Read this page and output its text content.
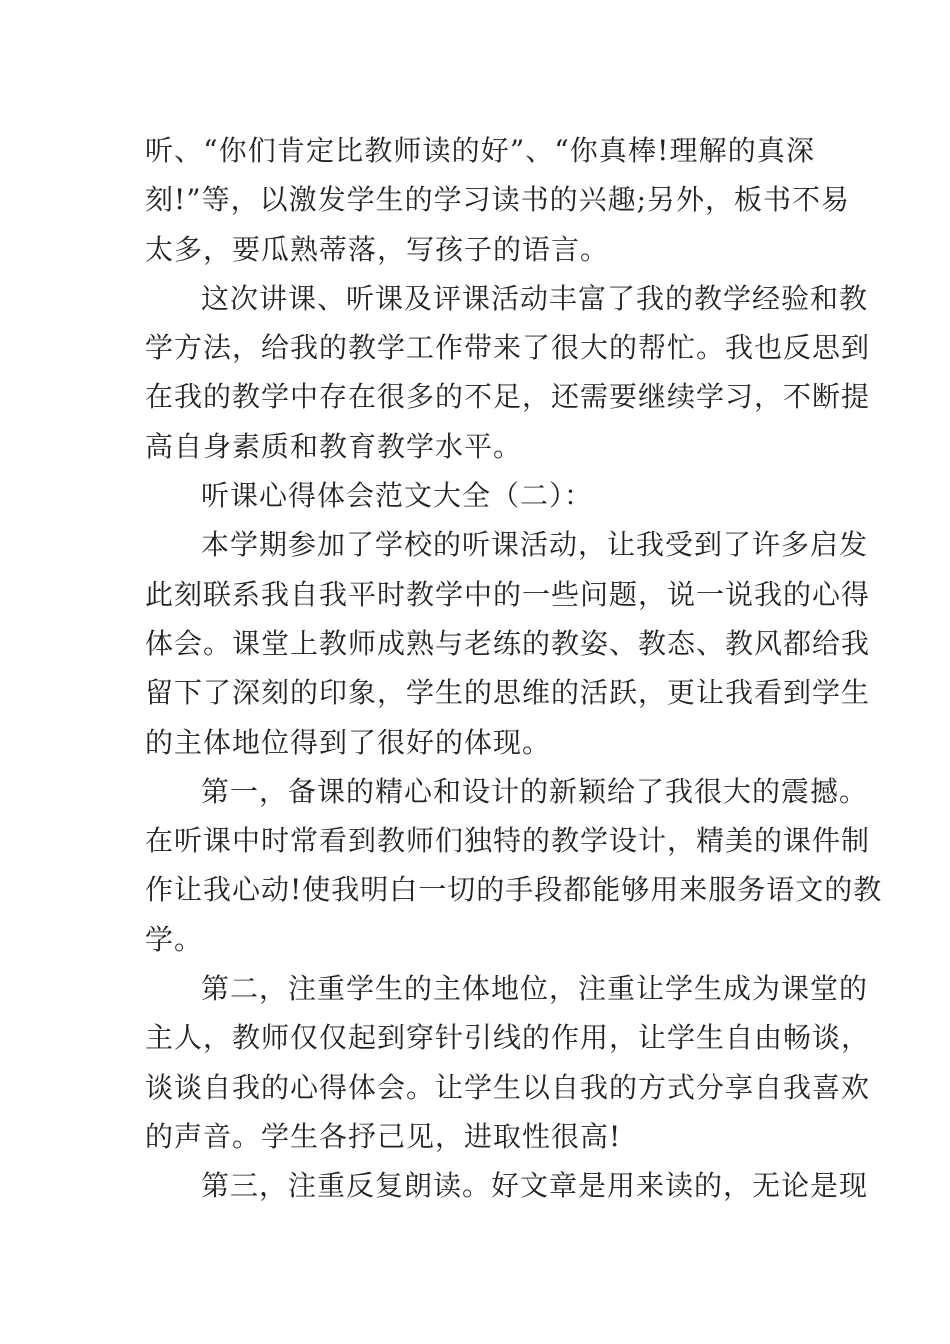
听、“你们肯定比教师读的好”、“你真棒!理解的真深
刻!”等，以激发学生的学习读书的兴趣;另外，板书不易
太多，要瓜熟蒂落，写孩子的语言。
这次讲课、听课及评课活动丰富了我的教学经验和教
学方法，给我的教学工作带来了很大的帮忙。我也反思到
在我的教学中存在很多的不足，还需要继续学习，不断提
高自身素质和教育教学水平。
听课心得体会范文大全（二）：
本学期参加了学校的听课活动，让我受到了许多启发
此刻联系我自我平时教学中的一些问题，说一说我的心得
体会。课堂上教师成熟与老练的教姿、教态、教风都给我
留下了深刻的印象，学生的思维的活跃，更让我看到学生
的主体地位得到了很好的体现。
第一，备课的精心和设计的新颖给了我很大的震撼。
在听课中时常看到教师们独特的教学设计，精美的课件制
作让我心动!使我明白一切的手段都能够用来服务语文的教
学。
第二，注重学生的主体地位，注重让学生成为课堂的
主人，教师仅仅起到穿针引线的作用，让学生自由畅谈，
谈谈自我的心得体会。让学生以自我的方式分享自我喜欢
的声音。学生各抒己见，进取性很高!
第三，注重反复朗读。好文章是用来读的，无论是现
